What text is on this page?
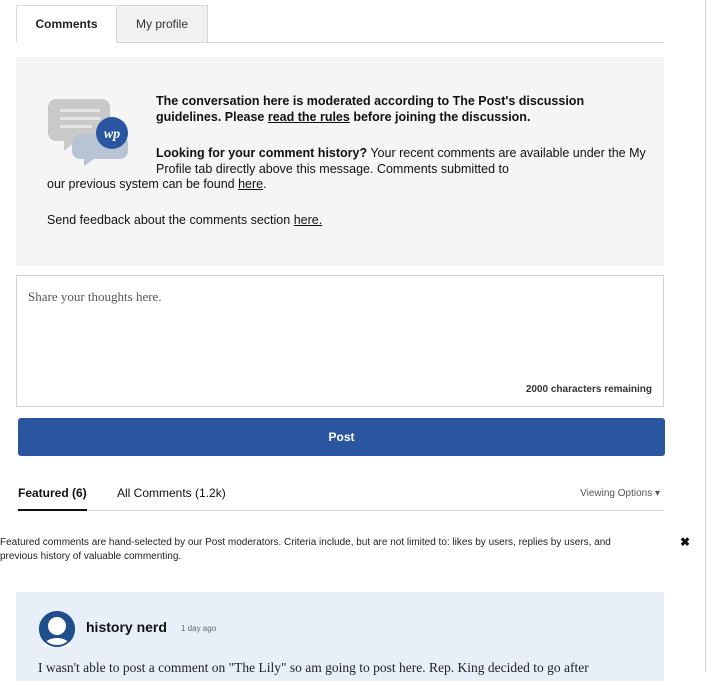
Comments	My profile
wp
The conversation here is moderated according to The Post's discussion guidelines. Please read the rules before joining the discussion.
Looking for your comment history? Your recent comments are available under the My Profile tab directly above this message. Comments submitted to
our previous system can be found here.
Send feedback about the comments section here.
Share your thoughts here.
2000 characters remaining
Post
Featured (6)	All Comments (1.2k)	Viewing Options ▾
Featured comments are hand-selected by our Post moderators. Criteria include, but are not limited to: likes by users, replies by users, and previous history of valuable commenting.
✖
history nerd 1 day ago
I wasn't able to post a comment on "The Lily" so am going to post here. Rep. King decided to go after
